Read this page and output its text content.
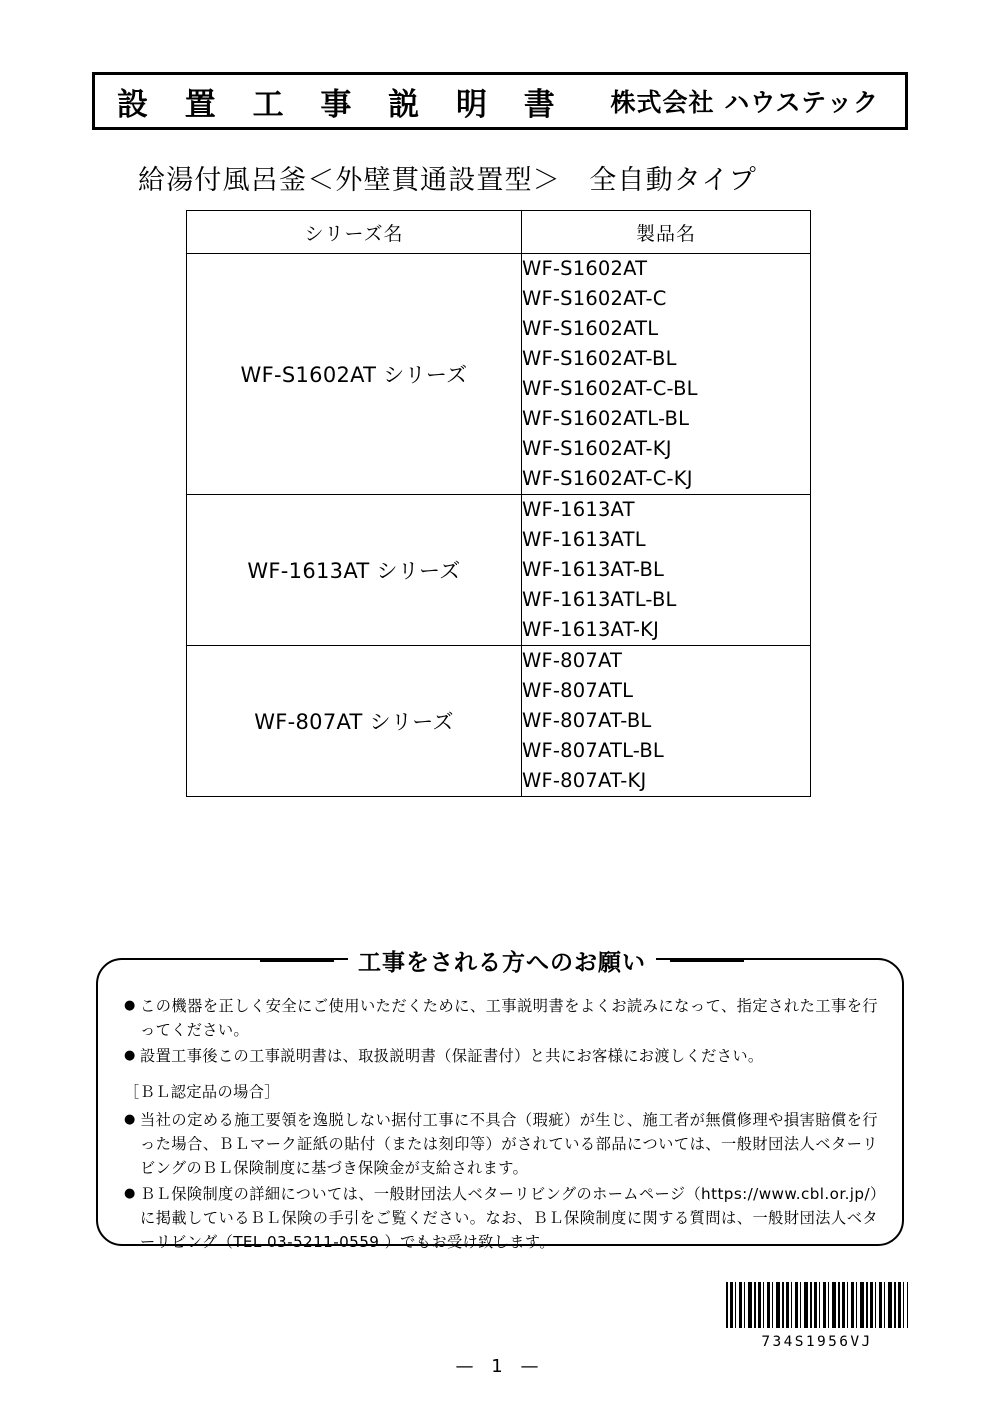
設 置 工 事 説 明 書 株式会社 ハウステック
給湯付風呂釜＜外壁貫通設置型＞　全自動タイプ
シリーズ名	製品名
WF-S1602AT シリーズ	
WF-S1602AT
WF-S1602AT-C
WF-S1602ATL
WF-S1602AT-BL
WF-S1602AT-C-BL
WF-S1602ATL-BL
WF-S1602AT-KJ
WF-S1602AT-C-KJ

WF-1613AT シリーズ	WF-1613AT
WF-1613ATL
WF-1613AT-BL
WF-1613ATL-BL
WF-1613AT-KJ

WF-807AT シリーズ	WF-807AT
WF-807ATL
WF-807AT-BL
WF-807ATL-BL
WF-807AT-KJ
工事をされる方へのお願い
● この機器を正しく安全にご使用いただくために、工事説明書をよくお読みになって、指定された工事を行ってください。
● 設置工事後この工事説明書は、取扱説明書（保証書付）と共にお客様にお渡しください。
［ＢＬ認定品の場合］
● 当社の定める施工要領を逸脱しない据付工事に不具合（瑕疵）が生じ、施工者が無償修理や損害賠償を行った場合、ＢＬマーク証紙の貼付（または刻印等）がされている部品については、一般財団法人ベターリビングのＢＬ保険制度に基づき保険金が支給されます。
● ＢＬ保険制度の詳細については、一般財団法人ベターリビングのホームページ（https://www.cbl.or.jp/）に掲載しているＢＬ保険の手引をご覧ください。なお、ＢＬ保険制度に関する質問は、一般財団法人ベターリビング（TEL 03-5211-0559 ）でもお受け致します。
734S1956VJ
— 1 —
